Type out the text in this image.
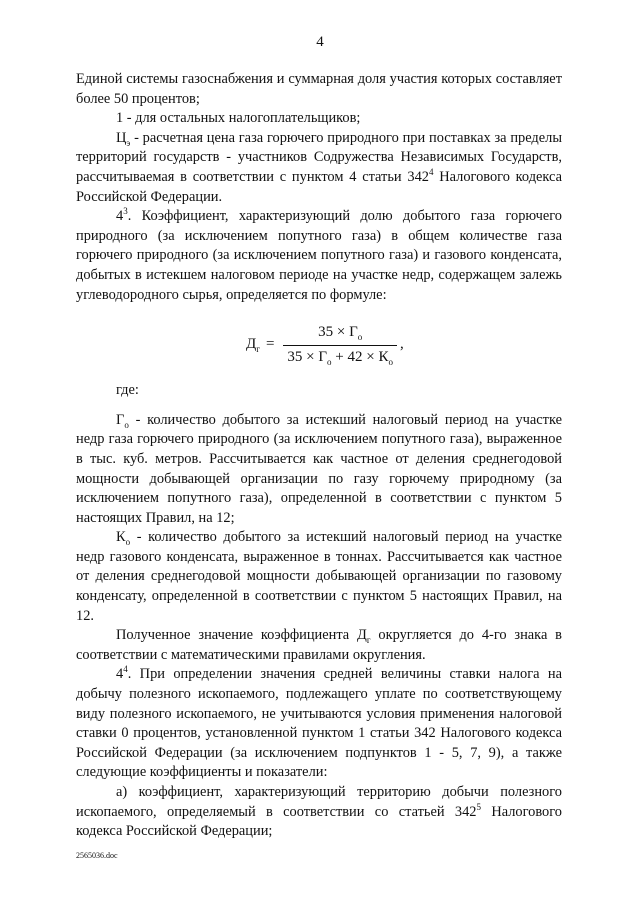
4

Единой системы газоснабжения и суммарная доля участия которых составляет более 50 процентов;

1 - для остальных налогоплательщиков;

$Ц_э$ - расчетная цена газа горючего природного при поставках за пределы территорий государств - участников Содружества Независимых Государств, рассчитываемая в соответствии с пунктом 4 статьи $342^4$ Налогового кодекса Российской Федерации.

$4^3$. Коэффициент, характеризующий долю добытого газа горючего природного (за исключением попутного газа) в общем количестве газа горючего природного (за исключением попутного газа) и газового конденсата, добытых в истекшем налоговом периоде на участке недр, содержащем залежь углеводородного сырья, определяется по формуле:

$Д_г = \frac{35 \times Г_о}{35 \times Г_о + 42 \times К_о}$ ,

где:

$Г_о$ - количество добытого за истекший налоговый период на участке недр газа горючего природного (за исключением попутного газа), выраженное в тыс. куб. метров. Рассчитывается как частное от деления среднегодовой мощности добывающей организации по газу горючему природному (за исключением попутного газа), определенной в соответствии с пунктом 5 настоящих Правил, на 12;

$К_о$ - количество добытого за истекший налоговый период на участке недр газового конденсата, выраженное в тоннах. Рассчитывается как частное от деления среднегодовой мощности добывающей организации по газовому конденсату, определенной в соответствии с пунктом 5 настоящих Правил, на 12.

Полученное значение коэффициента $Д_г$ округляется до 4-го знака в соответствии с математическими правилами округления.

$4^4$. При определении значения средней величины ставки налога на добычу полезного ископаемого, подлежащего уплате по соответствующему виду полезного ископаемого, не учитываются условия применения налоговой ставки 0 процентов, установленной пунктом 1 статьи 342 Налогового кодекса Российской Федерации (за исключением подпунктов 1 - 5, 7, 9), а также следующие коэффициенты и показатели:

а) коэффициент, характеризующий территорию добычи полезного ископаемого, определяемый в соответствии со статьей $342^5$ Налогового кодекса Российской Федерации;

2565036.doc
